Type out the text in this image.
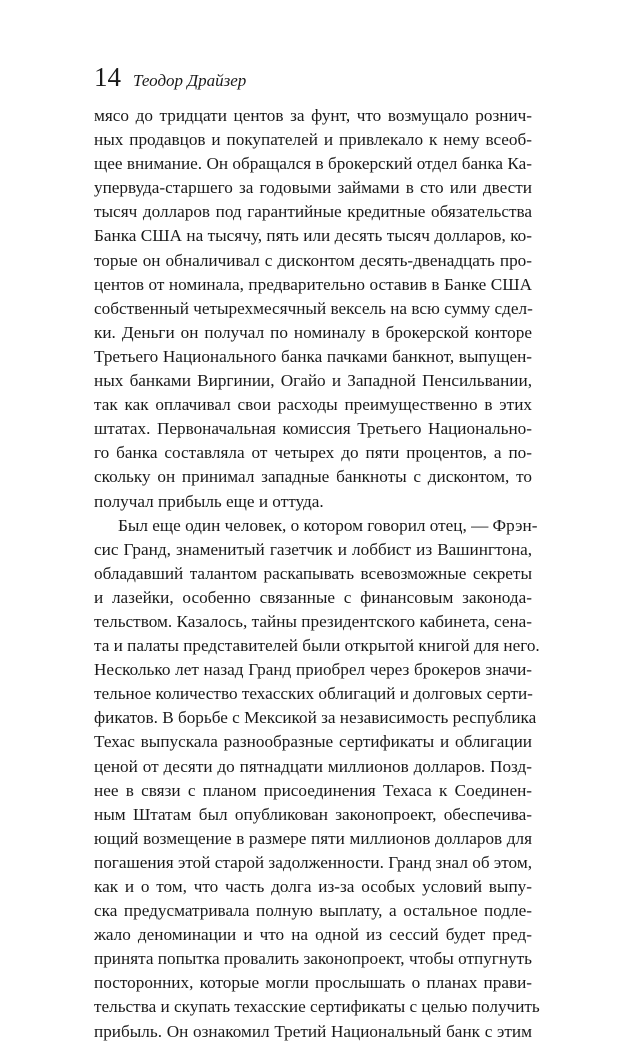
14 Теодор Драйзер
мясо до тридцати центов за фунт, что возмущало рознич-
ных продавцов и покупателей и привлекало к нему всеоб-
щее внимание. Он обращался в брокерский отдел банка Ка-
упервуда-старшего за годовыми займами в сто или двести
тысяч долларов под гарантийные кредитные обязательства
Банка США на тысячу, пять или десять тысяч долларов, ко-
торые он обналичивал с дисконтом десять-двенадцать про-
центов от номинала, предварительно оставив в Банке США
собственный четырехмесячный вексель на всю сумму сдел-
ки. Деньги он получал по номиналу в брокерской конторе
Третьего Национального банка пачками банкнот, выпущен-
ных банками Виргинии, Огайо и Западной Пенсильвании,
так как оплачивал свои расходы преимущественно в этих
штатах. Первоначальная комиссия Третьего Национально-
го банка составляла от четырех до пяти процентов, а по-
скольку он принимал западные банкноты с дисконтом, то
получал прибыль еще и оттуда.
Был еще один человек, о котором говорил отец, — Фрэн-
сис Гранд, знаменитый газетчик и лоббист из Вашингтона,
обладавший талантом раскапывать всевозможные секреты
и лазейки, особенно связанные с финансовым законода-
тельством. Казалось, тайны президентского кабинета, сена-
та и палаты представителей были открытой книгой для него.
Несколько лет назад Гранд приобрел через брокеров значи-
тельное количество техасских облигаций и долговых серти-
фикатов. В борьбе с Мексикой за независимость республика
Техас выпускала разнообразные сертификаты и облигации
ценой от десяти до пятнадцати миллионов долларов. Позд-
нее в связи с планом присоединения Техаса к Соединен-
ным Штатам был опубликован законопроект, обеспечива-
ющий возмещение в размере пяти миллионов долларов для
погашения этой старой задолженности. Гранд знал об этом,
как и о том, что часть долга из-за особых условий выпу-
ска предусматривала полную выплату, а остальное подле-
жало деноминации и что на одной из сессий будет пред-
принята попытка провалить законопроект, чтобы отпугнуть
посторонних, которые могли прослышать о планах прави-
тельства и скупать техасские сертификаты с целью получить
прибыль. Он ознакомил Третий Национальный банк с этим
